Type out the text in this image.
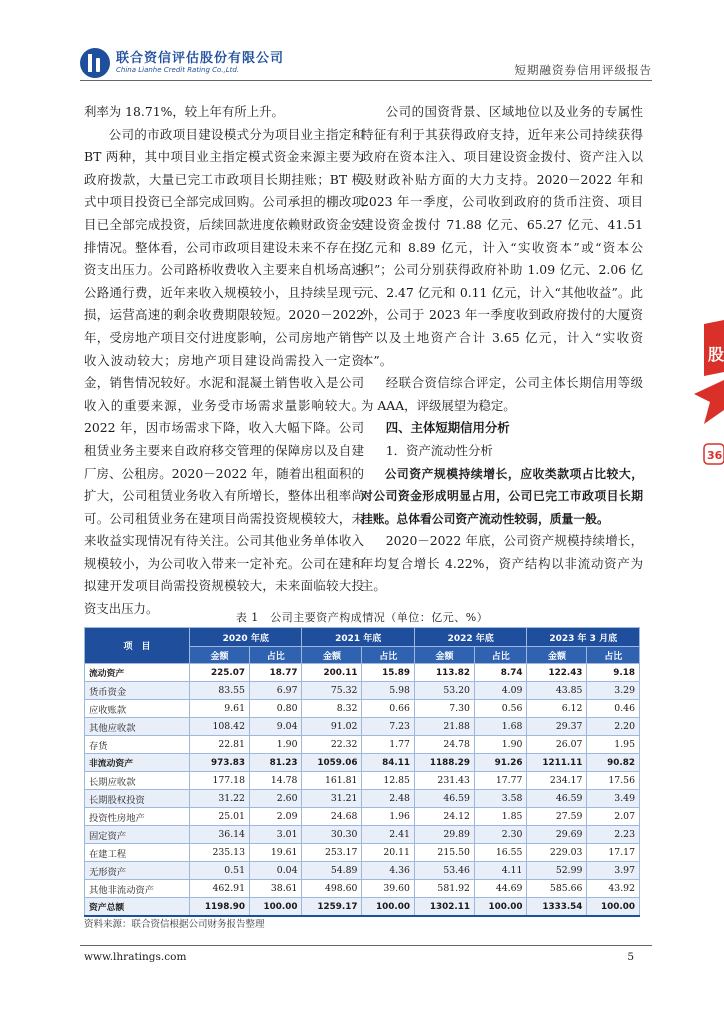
联合资信评估股份有限公司
China Lianhe Credit Rating Co.,Ltd.	短期融资券信用评级报告

利率为 18.71%，较上年有所上升。

公司的市政项目建设模式分为项目业主指定和 BT 两种，其中项目业主指定模式资金来源主要为政府拨款，大量已完工市政项目长期挂账；BT 模式中项目投资已全部完成回购。公司承担的棚改项目已全部完成投资，后续回款进度依赖财政资金安排情况。整体看，公司市政项目建设未来不存在投资支出压力。公司路桥收费收入主要来自机场高速公路通行费，近年来收入规模较小，且持续呈现亏损，运营高速的剩余收费期限较短。2020－2022 年，受房地产项目交付进度影响，公司房地产销售收入波动较大；房地产项目建设尚需投入一定资金，销售情况较好。水泥和混凝土销售收入是公司收入的重要来源，业务受市场需求量影响较大。2022 年，因市场需求下降，收入大幅下降。公司租赁业务主要来自政府移交管理的保障房以及自建厂房、公租房。2020－2022 年，随着出租面积的扩大，公司租赁业务收入有所增长，整体出租率尚可。公司租赁业务在建项目尚需投资规模较大，未来收益实现情况有待关注。公司其他业务单体收入规模较小，为公司收入带来一定补充。公司在建和拟建开发项目尚需投资规模较大，未来面临较大投资支出压力。

公司的国资背景、区域地位以及业务的专属性特征有利于其获得政府支持，近年来公司持续获得政府在资本注入、项目建设资金拨付、资产注入以及财政补贴方面的大力支持。2020－2022 年和 2023 年一季度，公司收到政府的货币注资、项目建设资金拨付 71.88 亿元、65.27 亿元、41.51 亿元和 8.89 亿元，计入“实收资本”或“资本公积”；公司分别获得政府补助 1.09 亿元、2.06 亿元、2.47 亿元和 0.11 亿元，计入“其他收益”。此外，公司于 2023 年一季度收到政府拨付的大厦资产以及土地资产合计 3.65 亿元，计入“实收资本”。

经联合资信综合评定，公司主体长期信用等级为 AAA，评级展望为稳定。

四、主体短期信用分析

1．资产流动性分析

公司资产规模持续增长，应收类款项占比较大，对公司资金形成明显占用，公司已完工市政项目长期挂账。总体看公司资产流动性较弱，质量一般。

2020－2022 年底，公司资产规模持续增长，年均复合增长 4.22%，资产结构以非流动资产为主。

表 1　公司主要资产构成情况（单位：亿元、%）
项　目	2020 年底		2021 年底		2022 年底		2023 年 3 月底	
	金额	占比	金额	占比	金额	占比	金额	占比
流动资产	225.07	18.77	200.11	15.89	113.82	8.74	122.43	9.18
货币资金	83.55	6.97	75.32	5.98	53.20	4.09	43.85	3.29
应收账款	9.61	0.80	8.32	0.66	7.30	0.56	6.12	0.46
其他应收款	108.42	9.04	91.02	7.23	21.88	1.68	29.37	2.20
存货	22.81	1.90	22.32	1.77	24.78	1.90	26.07	1.95
非流动资产	973.83	81.23	1059.06	84.11	1188.29	91.26	1211.11	90.82
长期应收款	177.18	14.78	161.81	12.85	231.43	17.77	234.17	17.56
长期股权投资	31.22	2.60	31.21	2.48	46.59	3.58	46.59	3.49
投资性房地产	25.01	2.09	24.68	1.96	24.12	1.85	27.59	2.07
固定资产	36.14	3.01	30.30	2.41	29.89	2.30	29.69	2.23
在建工程	235.13	19.61	253.17	20.11	215.50	16.55	229.03	17.17
无形资产	0.51	0.04	54.89	4.36	53.46	4.11	52.99	3.97
其他非流动资产	462.91	38.61	498.60	39.60	581.92	44.69	585.66	43.92
资产总额	1198.90	100.00	1259.17	100.00	1302.11	100.00	1333.54	100.00
资料来源：联合资信根据公司财务报告整理
www.lhratings.com	5
股
36
